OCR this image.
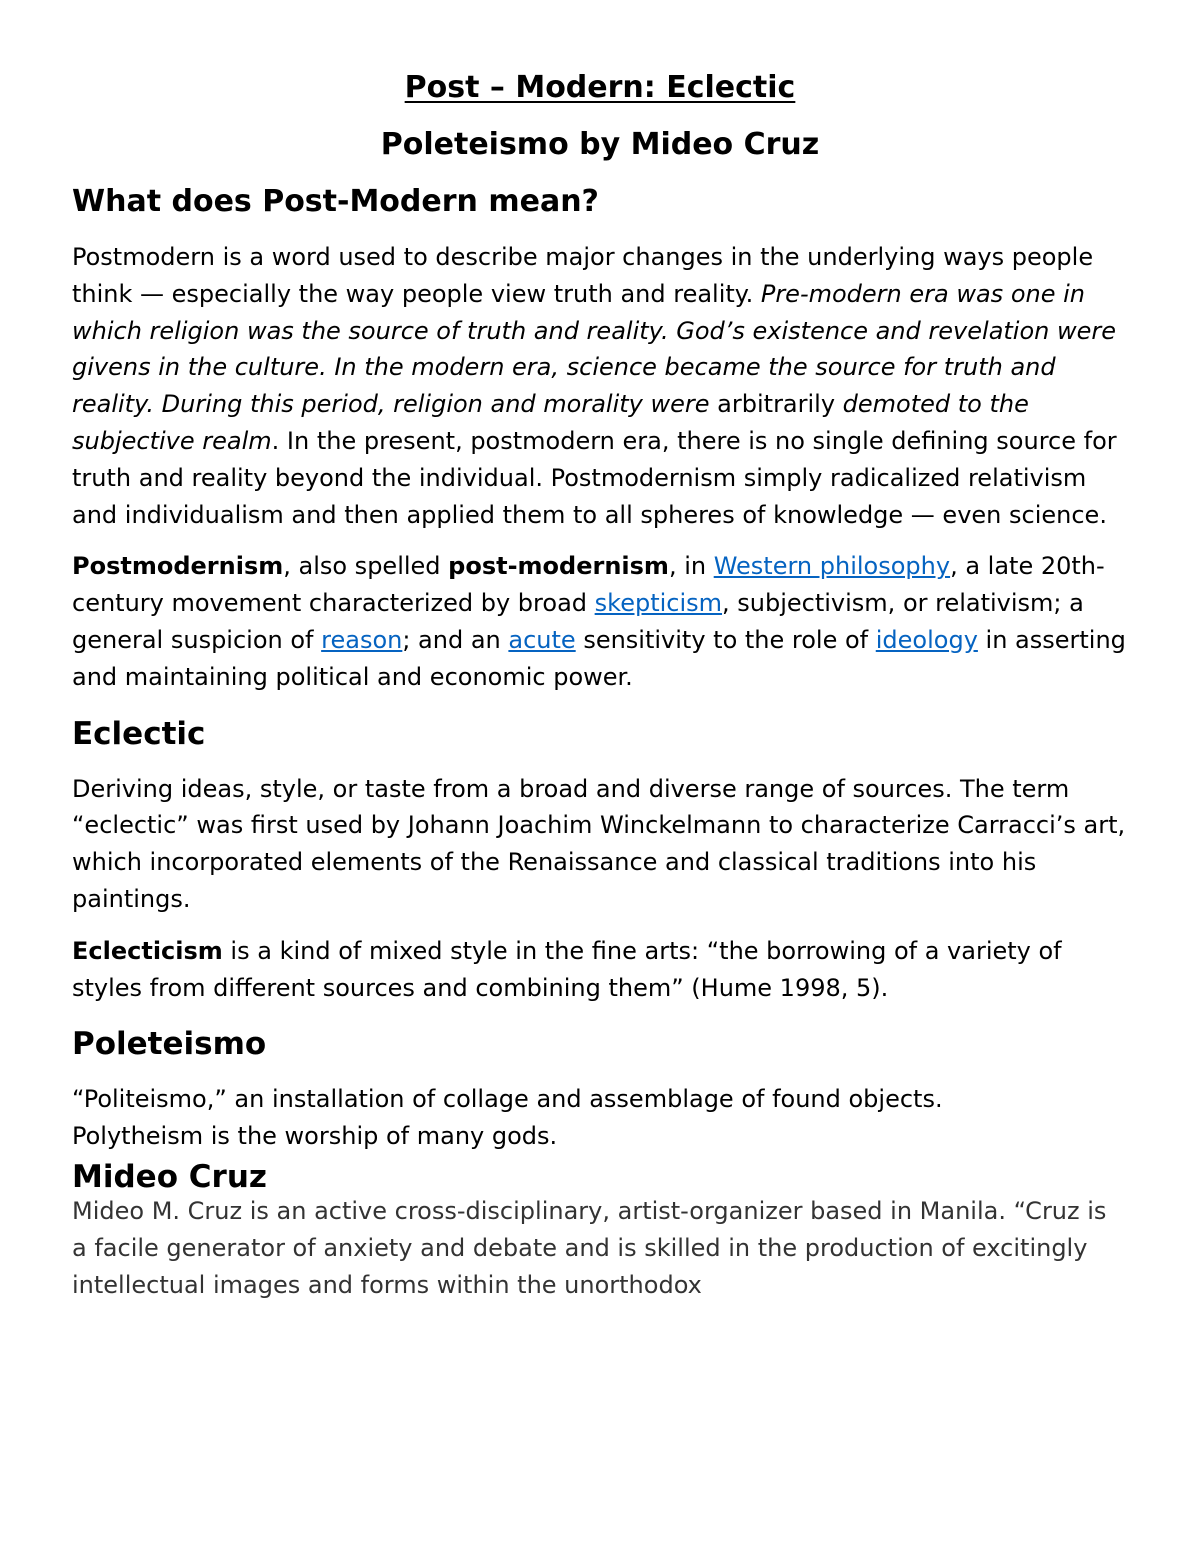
Post – Modern: Eclectic
Poleteismo by Mideo Cruz
What does Post-Modern mean?

Postmodern is a word used to describe major changes in the underlying ways people think — especially the way people view truth and reality. Pre-modern era was one in which religion was the source of truth and reality. God’s existence and revelation were givens in the culture. In the modern era, science became the source for truth and reality. During this period, religion and morality were arbitrarily demoted to the subjective realm. In the present, postmodern era, there is no single defining source for truth and reality beyond the individual. Postmodernism simply radicalized relativism and individualism and then applied them to all spheres of knowledge — even science.

Postmodernism, also spelled post-modernism, in Western philosophy, a late 20th-century movement characterized by broad skepticism, subjectivism, or relativism; a general suspicion of reason; and an acute sensitivity to the role of ideology in asserting and maintaining political and economic power.

Eclectic

Deriving ideas, style, or taste from a broad and diverse range of sources. The term “eclectic” was first used by Johann Joachim Winckelmann to characterize Carracci’s art, which incorporated elements of the Renaissance and classical traditions into his paintings.

Eclecticism is a kind of mixed style in the fine arts: “the borrowing of a variety of styles from different sources and combining them” (Hume 1998, 5).

Poleteismo

“Politeismo,” an installation of collage and assemblage of found objects. Polytheism is the worship of many gods.

Mideo Cruz

Mideo M. Cruz is an active cross-disciplinary, artist-organizer based in Manila. “Cruz is a facile generator of anxiety and debate and is skilled in the production of excitingly intellectual images and forms within the unorthodox
